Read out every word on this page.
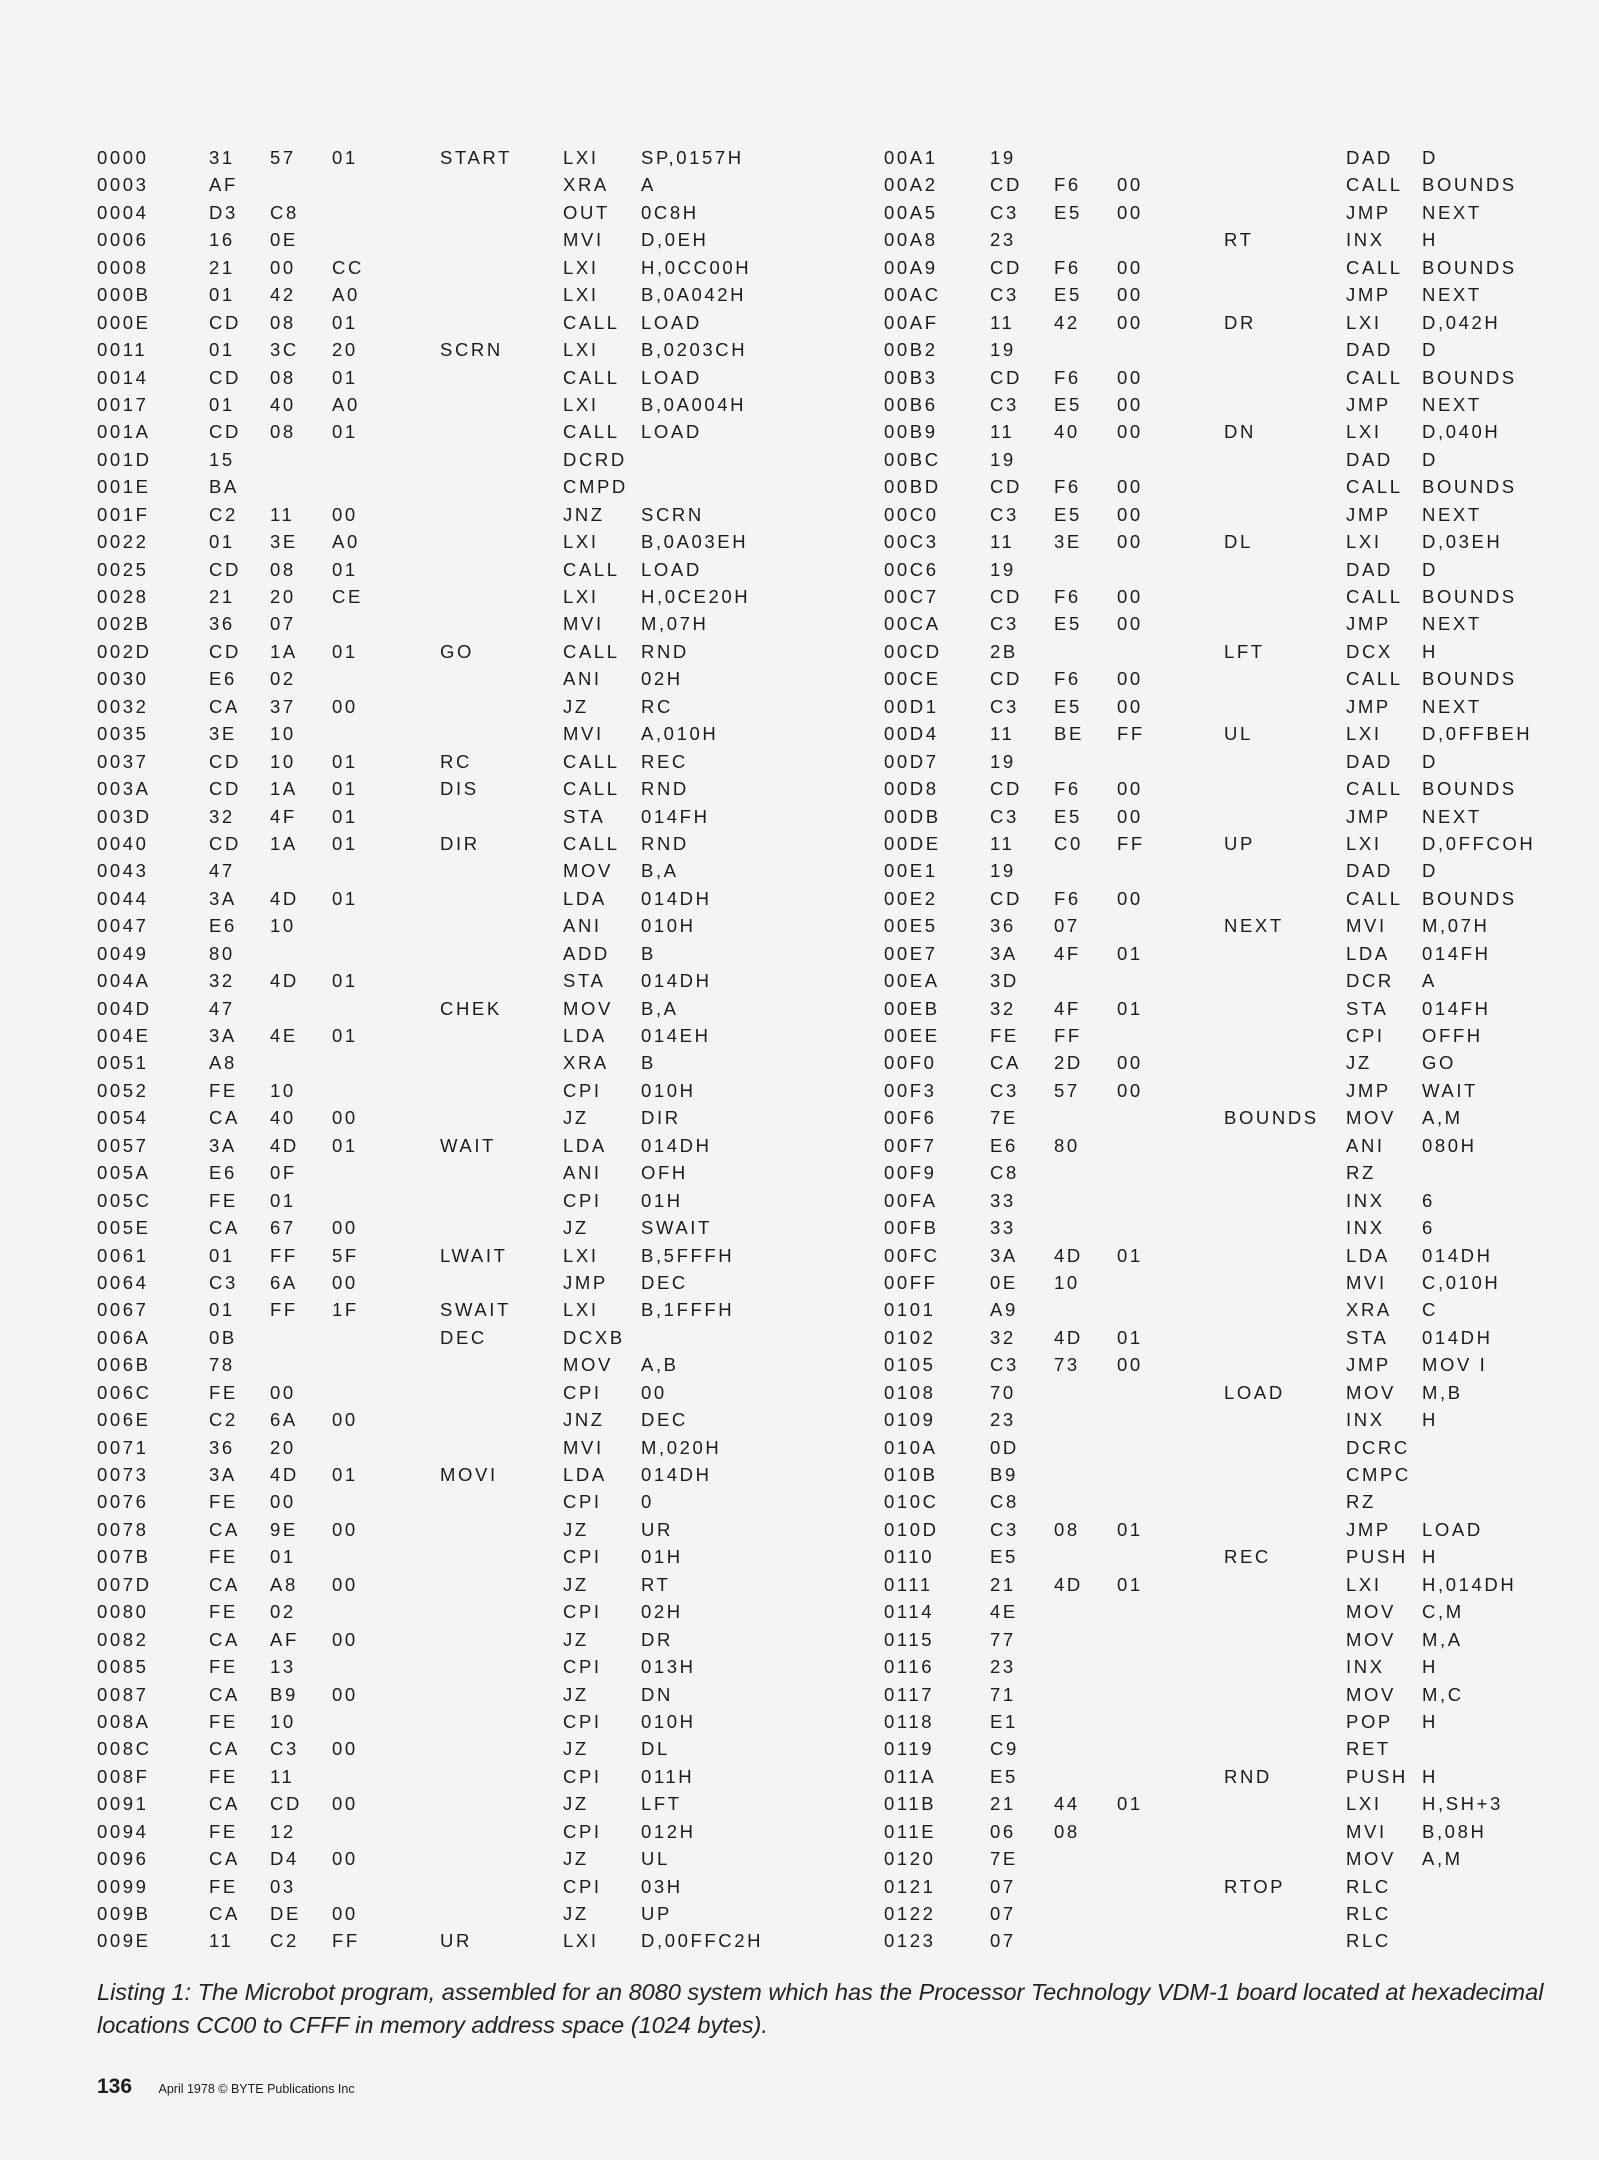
0000	31 57 01	START	LXI SP,0157H
0003	AF	XRA A
0004	D3 C8	OUT 0C8H
0006	16 0E	MVI D,0EH
0008	21 00 CC	LXI H,0CC00H
000B	01 42 A0	LXI B,0A042H
000E	CD 08 01	CALL LOAD
0011	01 3C 20	SCRN	LXI B,0203CH
0014	CD 08 01	CALL LOAD
0017	01 40 A0	LXI B,0A004H
001A	CD 08 01	CALL LOAD
001D	15	DCRD
001E	BA	CMPD
001F	C2 11 00	JNZ SCRN
0022	01 3E A0	LXI B,0A03EH
0025	CD 08 01	CALL LOAD
0028	21 20 CE	LXI H,0CE20H
002B	36 07	MVI M,07H
002D	CD 1A 01	GO	CALL RND
0030	E6 02	ANI 02H
0032	CA 37 00	JZ	RC
0035	3E 10	MVI A,010H
0037	CD 10 01	RC	CALL REC
003A	CD 1A 01	DIS	CALL RND
003D	32 4F 01	STA 014FH
0040	CD 1A 01	DIR	CALL RND
0043	47	MOV B,A
0044	3A 4D 01	LDA 014DH
0047	E6 10	ANI 010H
0049	80	ADD B
004A	32 4D 01	STA 014DH
004D	47	CHEK	MOV B,A
004E	3A 4E 01	LDA 014EH
0051	A8	XRA B
0052	FE 10	CPI 010H
0054	CA 40 00	JZ	DIR
0057	3A 4D 01	WAIT	LDA 014DH
005A	E6 0F	ANI OFH
005C	FE 01	CPI 01H
005E	CA 67 00	JZ	SWAIT
0061	01 FF 5F	LWAIT	LXI B,5FFFH
0064	C3 6A 00	JMP DEC
0067	01 FF 1F	SWAIT	LXI B,1FFFH
006A	0B	DEC	DCXB
006B	78	MOV A,B
006C	FE 00	CPI 00
006E	C2 6A 00	JNZ DEC
0071	36 20	MVI M,020H
0073	3A 4D 01	MOVI	LDA 014DH
0076	FE 00	CPI 0
0078	CA 9E 00	JZ	UR
007B	FE 01	CPI 01H
007D	CA A8 00	JZ	RT
0080	FE 02	CPI 02H
0082	CA AF 00	JZ	DR
0085	FE 13	CPI 013H
0087	CA B9 00	JZ	DN
008A	FE 10	CPI 010H
008C	CA C3 00	JZ	DL
008F	FE 11	CPI 011H
0091	CA CD 00	JZ	LFT
0094	FE 12	CPI 012H
0096	CA D4 00	JZ	UL
0099	FE 03	CPI 03H
009B	CA DE 00	JZ	UP
009E	11 C2 FF	UR	LXI D,00FFC2H
00A1	19	DAD D
00A2	CD F6 00	CALL BOUNDS
00A5	C3 E5 00	JMP NEXT
00A8	23	RT	INX H
00A9	CD F6 00	CALL BOUNDS
00AC	C3 E5 00	JMP NEXT
00AF	11 42 00	DR	LXI D,042H
00B2	19	DAD D
00B3	CD F6 00	CALL BOUNDS
00B6	C3 E5 00	JMP NEXT
00B9	11 40 00	DN	LXI D,040H
00BC	19	DAD D
00BD	CD F6 00	CALL BOUNDS
00C0	C3 E5 00	JMP NEXT
00C3	11 3E 00	DL	LXI D,03EH
00C6	19	DAD D
00C7	CD F6 00	CALL BOUNDS
00CA	C3 E5 00	JMP NEXT
00CD	2B	LFT	DCX H
00CE	CD F6 00	CALL BOUNDS
00D1	C3 E5 00	JMP NEXT
00D4	11 BE FF	UL	LXI D,0FFBEH
00D7	19	DAD D
00D8	CD F6 00	CALL BOUNDS
00DB	C3 E5 00	JMP NEXT
00DE	11 C0 FF	UP	LXI D,0FFCOH
00E1	19	DAD D
00E2	CD F6 00	CALL BOUNDS
00E5	36 07	NEXT	MVI M,07H
00E7	3A 4F 01	LDA 014FH
00EA	3D	DCR A
00EB	32 4F 01	STA 014FH
00EE	FE FF	CPI OFFH
00F0	CA 2D 00	JZ	GO
00F3	C3 57 00	JMP WAIT
00F6	7E	BOUNDS MOV A,M
00F7	E6 80	ANI 080H
00F9	C8	RZ
00FA	33	INX 6
00FB	33	INX 6
00FC	3A 4D 01	LDA 014DH
00FF	0E 10	MVI C,010H
0101	A9	XRA C
0102	32 4D 01	STA 014DH
0105	C3 73 00	JMP MOV I
0108	70	LOAD	MOV M,B
0109	23	INX H
010A	0D	DCRC
010B	B9	CMPC
010C	C8	RZ
010D	C3 08 01	JMP LOAD
0110	E5	REC	PUSH H
0111	21 4D 01	LXI H,014DH
0114	4E	MOV C,M
0115	77	MOV M,A
0116	23	INX H
0117	71	MOV M,C
0118	E1	POP H
0119	C9	RET
011A	E5	RND	PUSH H
011B	21 44 01	LXI H,SH+3
011E	06 08	MVI B,08H
0120	7E	MOV A,M
0121	07	RTOP	RLC
0122	07	RLC
0123	07	RLC
Listing 1: The Microbot program, assembled for an 8080 system which has the Processor Technology VDM-1 board located at hexadecimal locations CC00 to CFFF in memory address space (1024 bytes).
136 April 1978 © BYTE Publications Inc
